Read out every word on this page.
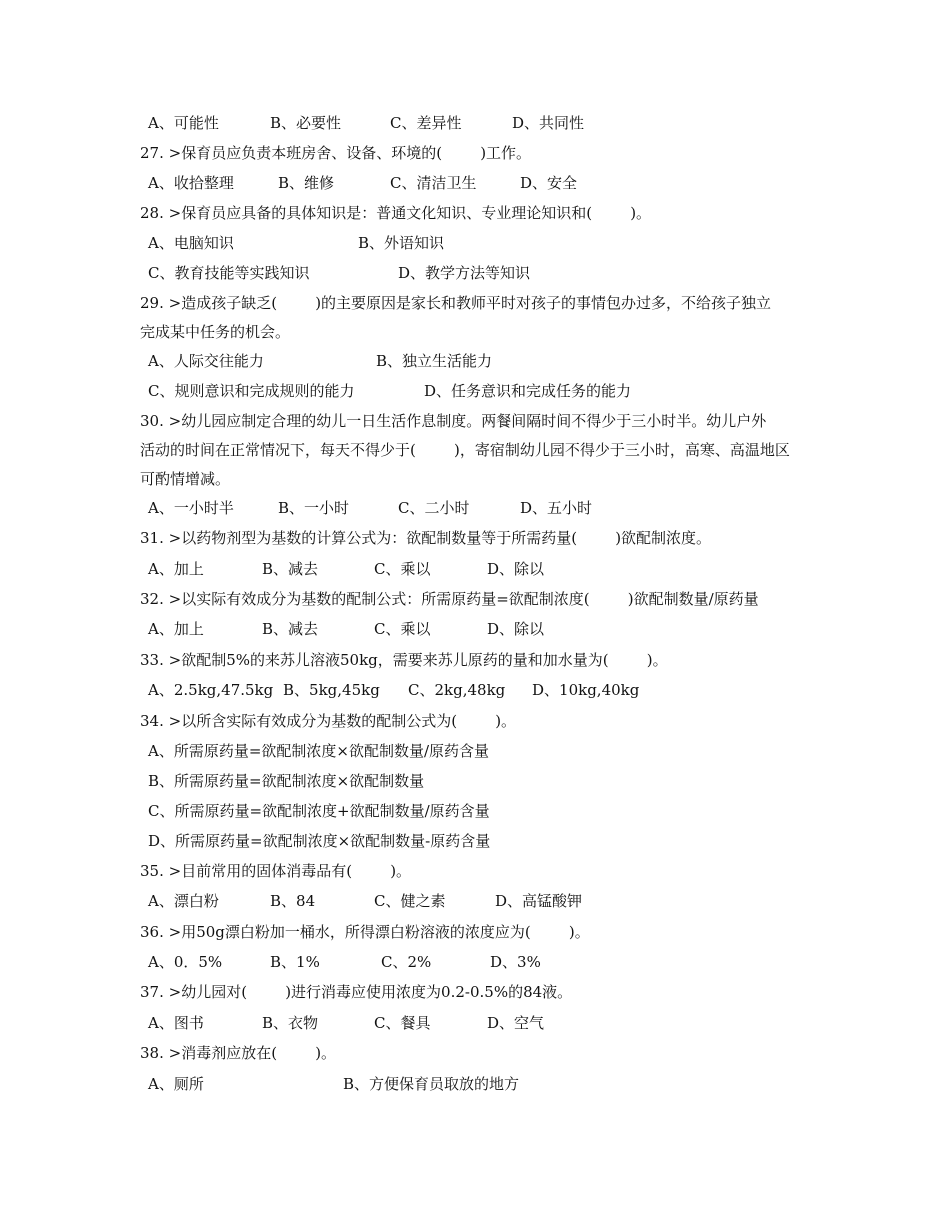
A、可能性	B、必要性	C、差异性	D、共同性
27. >保育员应负责本班房舍、设备、环境的(        )工作。
A、收拾整理	B、维修	C、清洁卫生	D、安全
28. >保育员应具备的具体知识是：普通文化知识、专业理论知识和(        )。
A、电脑知识	B、外语知识
C、教育技能等实践知识	D、教学方法等知识
29. >造成孩子缺乏(        )的主要原因是家长和教师平时对孩子的事情包办过多，不给孩子独立
完成某中任务的机会。
A、人际交往能力	B、独立生活能力
C、规则意识和完成规则的能力	D、任务意识和完成任务的能力
30. >幼儿园应制定合理的幼儿一日生活作息制度。两餐间隔时间不得少于三小时半。幼儿户外
活动的时间在正常情况下，每天不得少于(        )，寄宿制幼儿园不得少于三小时，高寒、高温地区
可酌情增减。
A、一小时半	B、一小时	C、二小时	D、五小时
31. >以药物剂型为基数的计算公式为：欲配制数量等于所需药量(        )欲配制浓度。
A、加上	B、减去	C、乘以	D、除以
32. >以实际有效成分为基数的配制公式：所需原药量=欲配制浓度(        )欲配制数量/原药量
A、加上	B、减去	C、乘以	D、除以
33. >欲配制5%的来苏儿溶液50kg，需要来苏儿原药的量和加水量为(        )。
A、2.5kg,47.5kg B、5kg,45kg C、2kg,48kg D、10kg,40kg
34. >以所含实际有效成分为基数的配制公式为(        )。
A、所需原药量=欲配制浓度×欲配制数量/原药含量
B、所需原药量=欲配制浓度×欲配制数量
C、所需原药量=欲配制浓度+欲配制数量/原药含量
D、所需原药量=欲配制浓度×欲配制数量-原药含量
35. >目前常用的固体消毒品有(        )。
A、漂白粉	B、84	C、健之素	D、高锰酸钾
36. >用50g漂白粉加一桶水，所得漂白粉溶液的浓度应为(        )。
A、0．5%	B、1%	C、2%	D、3%
37. >幼儿园对(        )进行消毒应使用浓度为0.2-0.5%的84液。
A、图书	B、衣物	C、餐具	D、空气
38. >消毒剂应放在(        )。
A、厕所	B、方便保育员取放的地方
